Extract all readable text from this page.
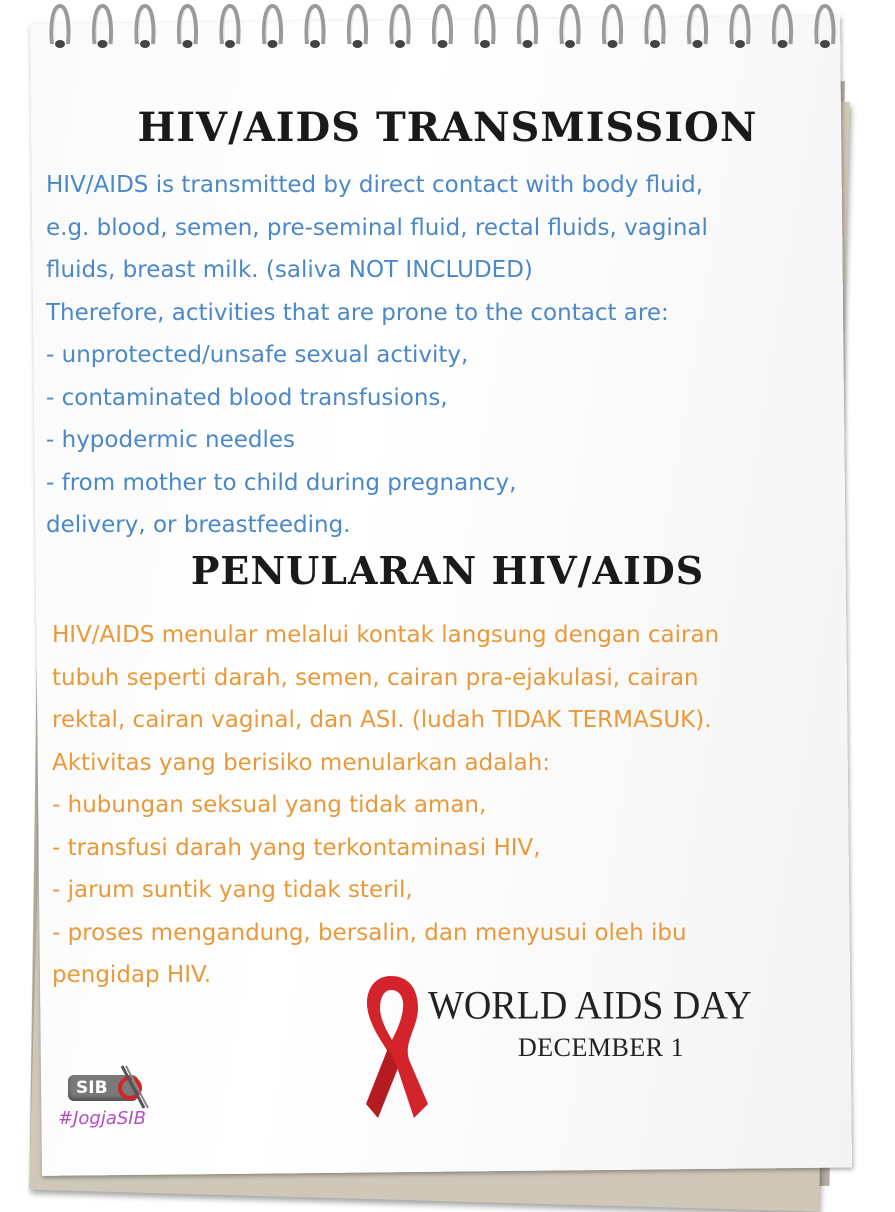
HIV/AIDS TRANSMISSION
HIV/AIDS is transmitted by direct contact with body fluid,
e.g. blood, semen, pre-seminal fluid, rectal fluids, vaginal
fluids, breast milk. (saliva NOT INCLUDED)
Therefore, activities that are prone to the contact are:
- unprotected/unsafe sexual activity,
- contaminated blood transfusions,
- hypodermic needles
- from mother to child during pregnancy,
delivery, or breastfeeding.
PENULARAN HIV/AIDS
HIV/AIDS menular melalui kontak langsung dengan cairan
tubuh seperti darah, semen, cairan pra-ejakulasi, cairan
rektal, cairan vaginal, dan ASI. (ludah TIDAK TERMASUK).
Aktivitas yang berisiko menularkan adalah:
- hubungan seksual yang tidak aman,
- transfusi darah yang terkontaminasi HIV,
- jarum suntik yang tidak steril,
- proses mengandung, bersalin, dan menyusui oleh ibu
pengidap HIV.
WORLD AIDS DAY
DECEMBER 1
SIB
#JogjaSIB
